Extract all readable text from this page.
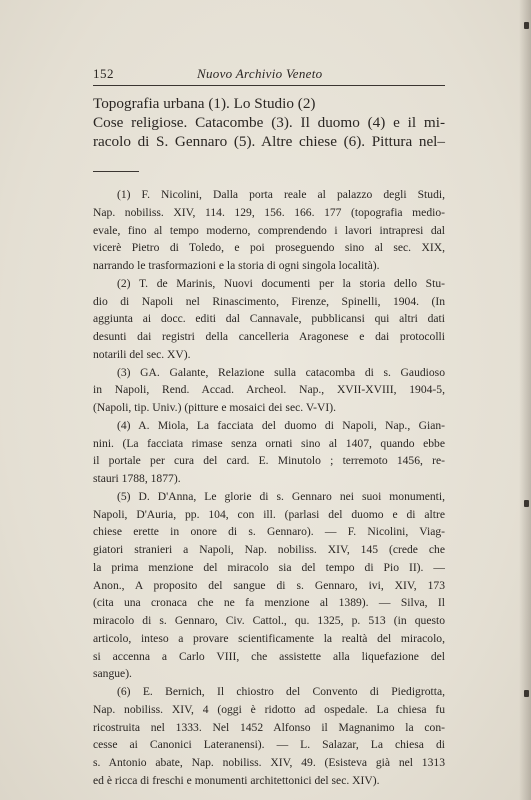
152	Nuovo Archivio Veneto
Topografia urbana (1). Lo Studio (2)
Cose religiose. Catacombe (3). Il duomo (4) e il mi-
racolo di S. Gennaro (5). Altre chiese (6). Pittura nel–
(1) F. Nicolini, Dalla porta reale al palazzo degli Studi,
Nap. nobiliss. XIV, 114. 129, 156. 166. 177 (topografia medio-
evale, fino al tempo moderno, comprendendo i lavori intrapresi dal
vicerè Pietro di Toledo, e poi proseguendo sino al sec. XIX,
narrando le trasformazioni e la storia di ogni singola località).
(2) T. de Marinis, Nuovi documenti per la storia dello Stu-
dio di Napoli nel Rinascimento, Firenze, Spinelli, 1904. (In
aggiunta ai docc. editi dal Cannavale, pubblicansi qui altri dati
desunti dai registri della cancelleria Aragonese e dai protocolli
notarili del sec. XV).
(3) GA. Galante, Relazione sulla catacomba di s. Gaudioso
in Napoli, Rend. Accad. Archeol. Nap., XVII-XVIII, 1904-5,
(Napoli, tip. Univ.) (pitture e mosaici dei sec. V-VI).
(4) A. Miola, La facciata del duomo di Napoli, Nap., Gian-
nini. (La facciata rimase senza ornati sino al 1407, quando ebbe
il portale per cura del card. E. Minutolo ; terremoto 1456, re-
stauri 1788, 1877).
(5) D. D'Anna, Le glorie di s. Gennaro nei suoi monumenti,
Napoli, D'Auria, pp. 104, con ill. (parlasi del duomo e di altre
chiese erette in onore di s. Gennaro). — F. Nicolini, Viag-
giatori stranieri a Napoli, Nap. nobiliss. XIV, 145 (crede che
la prima menzione del miracolo sia del tempo di Pio II). —
Anon., A proposito del sangue di s. Gennaro, ivi, XIV, 173
(cita una cronaca che ne fa menzione al 1389). — Silva, Il
miracolo di s. Gennaro, Civ. Cattol., qu. 1325, p. 513 (in questo
articolo, inteso a provare scientificamente la realtà del miracolo,
si accenna a Carlo VIII, che assistette alla liquefazione del
sangue).
(6) E. Bernich, Il chiostro del Convento di Piedigrotta,
Nap. nobiliss. XIV, 4 (oggi è ridotto ad ospedale. La chiesa fu
ricostruita nel 1333. Nel 1452 Alfonso il Magnanimo la con-
cesse ai Canonici Lateranensi). — L. Salazar, La chiesa di
s. Antonio abate, Nap. nobiliss. XIV, 49. (Esisteva già nel 1313
ed è ricca di freschi e monumenti architettonici del sec. XIV).
